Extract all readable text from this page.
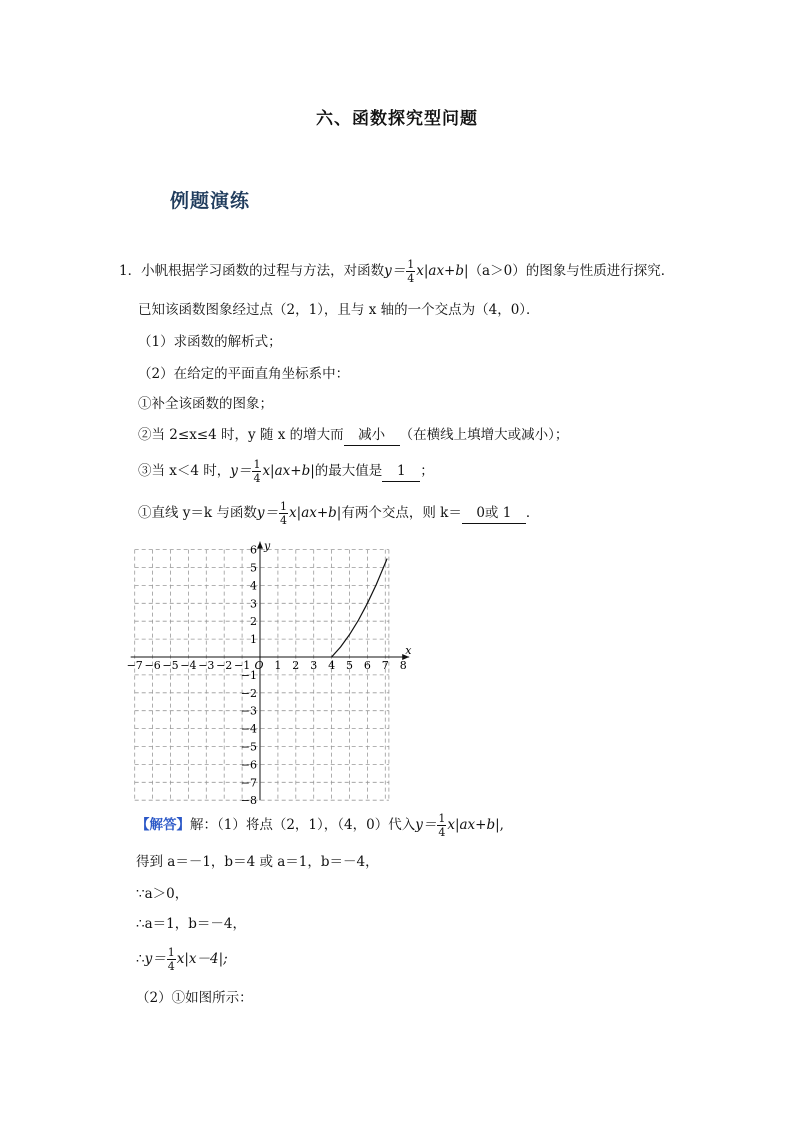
六、函数探究型问题
例题演练
1．小帆根据学习函数的过程与方法，对函数$y= \frac{1}{4} x|ax+b|(a>0)$的图象与性质进行探究．
已知该函数图象经过点（2，1），且与 x 轴的一个交点为（4，0）．
（1）求函数的解析式；
（2）在给定的平面直角坐标系中：
①补全该函数的图象；
②当 2≤x≤4 时，y 随 x 的增大而 减小 （在横线上填增大或减小）；
③当 x＜4 时，$y= \frac{1}{4} x|ax+b|$的最大值是 1 ；
①直线 y＝k 与函数$y= \frac{1}{4} x|ax+b|$有两个交点，则 k＝ 0或 1 ．
x
y
O
−7 −6 −5 −4 −3 −2 −1 1 2 3 4 5 6 7 8
6
5
4
3
2
1
−1
−2
−3
−4
−5
−6
−7
−8
【解答】解：（1）将点（2，1），（4，0）代入$y= \frac{1}{4} x|ax+b|$,
得到 a＝－1，b＝4 或 a＝1，b＝－4，
∵a＞0，
∴a＝1，b＝－4，
∴y＝ $\frac{1}{4} x|x-4|$;
（2）①如图所示：
